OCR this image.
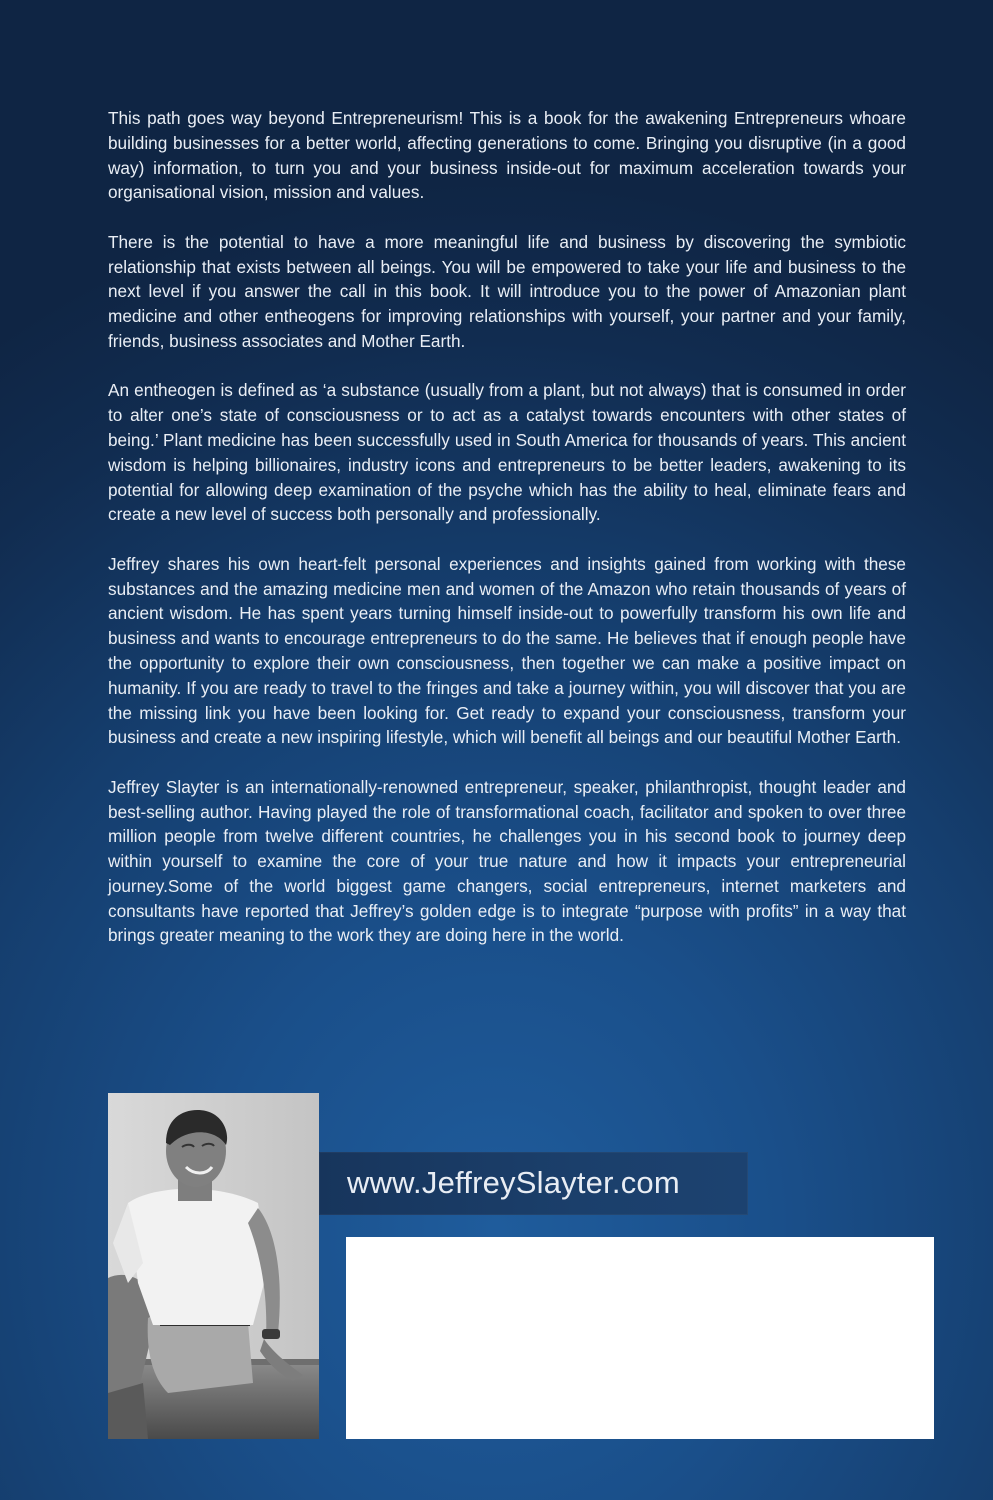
This path goes way beyond Entrepreneurism! This is a book for the awakening Entrepreneurs whoare building businesses for a better world, affecting generations to come. Bringing you disruptive (in a good way) information, to turn you and your business inside-out for maximum acceleration towards your organisational vision, mission and values.

There is the potential to have a more meaningful life and business by discovering the symbiotic relationship that exists between all beings. You will be empowered to take your life and business to the next level if you answer the call in this book. It will introduce you to the power of Amazonian plant medicine and other entheogens for improving relationships with yourself, your partner and your family, friends, business associates and Mother Earth.

An entheogen is defined as ‘a substance (usually from a plant, but not always) that is consumed in order to alter one’s state of consciousness or to act as a catalyst towards encounters with other states of being.’ Plant medicine has been successfully used in South America for thousands of years. This ancient wisdom is helping billionaires, industry icons and entrepreneurs to be better leaders, awakening to its potential for allowing deep examination of the psyche which has the ability to heal, eliminate fears and create a new level of success both personally and professionally.

Jeffrey shares his own heart-felt personal experiences and insights gained from working with these substances and the amazing medicine men and women of the Amazon who retain thousands of years of ancient wisdom. He has spent years turning himself inside-out to powerfully transform his own life and business and wants to encourage entrepreneurs to do the same. He believes that if enough people have the opportunity to explore their own consciousness, then together we can make a positive impact on humanity. If you are ready to travel to the fringes and take a journey within, you will discover that you are the missing link you have been looking for. Get ready to expand your consciousness, transform your business and create a new inspiring lifestyle, which will benefit all beings and our beautiful Mother Earth.

Jeffrey Slayter is an internationally-renowned entrepreneur, speaker, philanthropist, thought leader and best-selling author. Having played the role of transformational coach, facilitator and spoken to over three million people from twelve different countries, he challenges you in his second book to journey deep within yourself to examine the core of your true nature and how it impacts your entrepreneurial journey.Some of the world biggest game changers, social entrepreneurs, internet marketers and consultants have reported that Jeffrey’s golden edge is to integrate “purpose with profits” in a way that brings greater meaning to the work they are doing here in the world.

www.JeffreySlayter.com
